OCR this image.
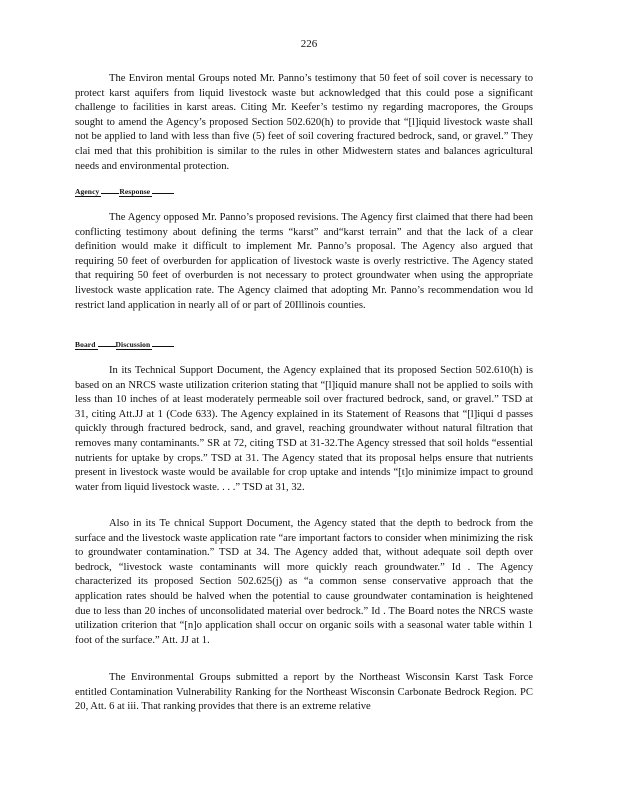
226

The Environ mental Groups noted Mr. Panno’s testimony that 50 feet of soil cover is necessary to protect karst aquifers from liquid livestock waste but acknowledged that this could pose a significant challenge to facilities in karst areas. Citing Mr. Keefer’s testimo ny regarding macropores, the Groups sought to amend the Agency’s proposed Section 502.620(h) to provide that “[l]iquid livestock waste shall not be applied to land with less than five (5) feet of soil covering fractured bedrock, sand, or gravel.” They clai med that this prohibition is similar to the rules in other Midwestern states and balances agricultural needs and environmental protection.

Agency	Response

The Agency opposed Mr. Panno’s proposed revisions. The Agency first claimed that there had been conflicting testimony about defining the terms “karst” and“karst terrain” and that the lack of a clear definition would make it difficult to implement Mr. Panno’s proposal. The Agency also argued that requiring 50 feet of overburden for application of livestock waste is overly restrictive. The Agency stated that requiring 50 feet of overburden is not necessary to protect groundwater when using the appropriate livestock waste application rate. The Agency claimed that adopting Mr. Panno’s recommendation wou ld restrict land application in nearly all of or part of 20Illinois counties.

Board	Discussion

In its Technical Support Document, the Agency explained that its proposed Section 502.610(h) is based on an NRCS waste utilization criterion stating that “[l]iquid manure shall not be applied to soils with less than 10 inches of at least moderately permeable soil over fractured bedrock, sand, or gravel.” TSD at 31, citing Att.JJ at 1 (Code 633). The Agency explained in its Statement of Reasons that “[l]iqui d passes quickly through fractured bedrock, sand, and gravel, reaching groundwater without natural filtration that removes many contaminants.” SR at 72, citing TSD at 31-32.The Agency stressed that soil holds “essential nutrients for uptake by crops.” TSD at 31. The Agency stated that its proposal helps ensure that nutrients present in livestock waste would be available for crop uptake and intends “[t]o minimize impact to ground water from liquid livestock waste. . . .” TSD at 31, 32.

Also in its Te chnical Support Document, the Agency stated that the depth to bedrock from the surface and the livestock waste application rate “are important factors to consider when minimizing the risk to groundwater contamination.” TSD at 34. The Agency added that, without adequate soil depth over bedrock, “livestock waste contaminants will more quickly reach groundwater.” Id . The Agency characterized its proposed Section 502.625(j) as “a common sense conservative approach that the application rates should be halved when the potential to cause groundwater contamination is heightened due to less than 20 inches of unconsolidated material over bedrock.” Id . The Board notes the NRCS waste utilization criterion that “[n]o application shall occur on organic soils with a seasonal water table within 1 foot of the surface.” Att. JJ at 1.

The Environmental Groups submitted a report by the Northeast Wisconsin Karst Task Force entitled Contamination Vulnerability Ranking for the Northeast Wisconsin Carbonate Bedrock Region. PC 20, Att. 6 at iii. That ranking provides that there is an extreme relative
